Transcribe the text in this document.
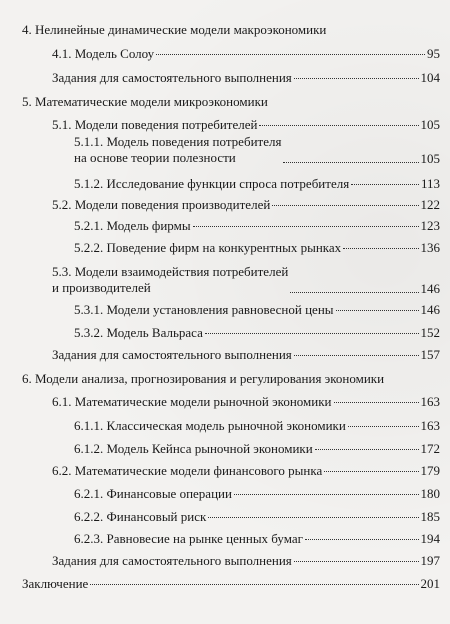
4. Нелинейные динамические модели макроэкономики
4.1. Модель Солоу	95
Задания для самостоятельного выполнения	104
5. Математические модели микроэкономики
5.1. Модели поведения потребителей	105
5.1.1. Модель поведения потребителя
на основе теории полезности	105
5.1.2. Исследование функции спроса потребителя	113
5.2. Модели поведения производителей	122
5.2.1. Модель фирмы	123
5.2.2. Поведение фирм на конкурентных рынках	136
5.3. Модели взаимодействия потребителей
и производителей	146
5.3.1. Модели установления равновесной цены	146
5.3.2. Модель Вальраса	152
Задания для самостоятельного выполнения	157
6. Модели анализа, прогнозирования и регулирования экономики
6.1. Математические модели рыночной экономики	163
6.1.1. Классическая модель рыночной экономики	163
6.1.2. Модель Кейнса рыночной экономики	172
6.2. Математические модели финансового рынка	179
6.2.1. Финансовые операции	180
6.2.2. Финансовый риск	185
6.2.3. Равновесие на рынке ценных бумаг	194
Задания для самостоятельного выполнения	197
Заключение	201
